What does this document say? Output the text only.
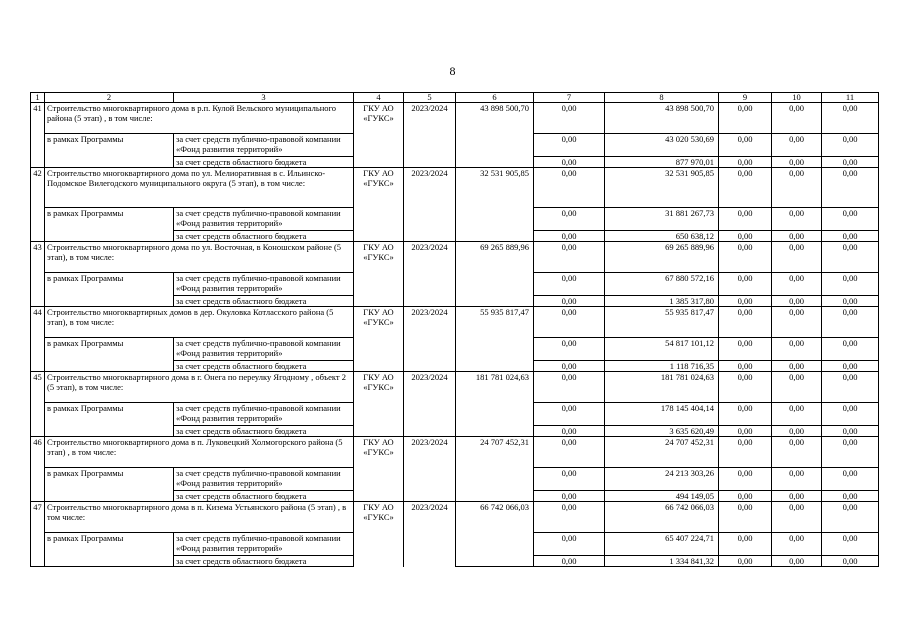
8
1	2	3	4	5	6	7	8	9	10	11
41	Строительство многоквартирного дома в р.п. Кулой Вельского муниципального района (5 этап) , в том числе:		ГКУ АО «ГУКС»	2023/2024	43 898 500,70	0,00	43 898 500,70	0,00	0,00	0,00
	в рамках Программы	за счет средств публично-правовой компании «Фонд развития территорий»				0,00	43 020 530,69	0,00	0,00	0,00
		за счет средств областного бюджета				0,00	877 970,01	0,00	0,00	0,00
42	Строительство многоквартирного дома по ул. Мелиоративная в с. Ильинско-Подомское Вилегодского муниципального округа (5 этап), в том числе:		ГКУ АО «ГУКС»	2023/2024	32 531 905,85	0,00	32 531 905,85	0,00	0,00	0,00
	в рамках Программы	за счет средств публично-правовой компании «Фонд развития территорий»				0,00	31 881 267,73	0,00	0,00	0,00
		за счет средств областного бюджета				0,00	650 638,12	0,00	0,00	0,00
43	Строительство многоквартирного дома по ул. Восточная, в Коношском районе (5 этап), в том числе:		ГКУ АО «ГУКС»	2023/2024	69 265 889,96	0,00	69 265 889,96	0,00	0,00	0,00
	в рамках Программы	за счет средств публично-правовой компании «Фонд развития территорий»				0,00	67 880 572,16	0,00	0,00	0,00
		за счет средств областного бюджета				0,00	1 385 317,80	0,00	0,00	0,00
44	Строительство многоквартирных домов в дер. Окуловка Котласского района (5 этап), в том числе:		ГКУ АО «ГУКС»	2023/2024	55 935 817,47	0,00	55 935 817,47	0,00	0,00	0,00
	в рамках Программы	за счет средств публично-правовой компании «Фонд развития территорий»				0,00	54 817 101,12	0,00	0,00	0,00
		за счет средств областного бюджета				0,00	1 118 716,35	0,00	0,00	0,00
45	Строительство многоквартирного дома в г. Онега по переулку Ягодному , объект 2 (5 этап), в том числе:		ГКУ АО «ГУКС»	2023/2024	181 781 024,63	0,00	181 781 024,63	0,00	0,00	0,00
	в рамках Программы	за счет средств публично-правовой компании «Фонд развития территорий»				0,00	178 145 404,14	0,00	0,00	0,00
		за счет средств областного бюджета				0,00	3 635 620,49	0,00	0,00	0,00
46	Строительство многоквартирного дома в п. Луковецкий Холмогорского района (5 этап) , в том числе:		ГКУ АО «ГУКС»	2023/2024	24 707 452,31	0,00	24 707 452,31	0,00	0,00	0,00
	в рамках Программы	за счет средств публично-правовой компании «Фонд развития территорий»				0,00	24 213 303,26	0,00	0,00	0,00
		за счет средств областного бюджета				0,00	494 149,05	0,00	0,00	0,00
47	Строительство многоквартирного дома в п. Кизема Устьянского района (5 этап) , в том числе:		ГКУ АО «ГУКС»	2023/2024	66 742 066,03	0,00	66 742 066,03	0,00	0,00	0,00
	в рамках Программы	за счет средств публично-правовой компании «Фонд развития территорий»				0,00	65 407 224,71	0,00	0,00	0,00
		за счет средств областного бюджета				0,00	1 334 841,32	0,00	0,00	0,00
